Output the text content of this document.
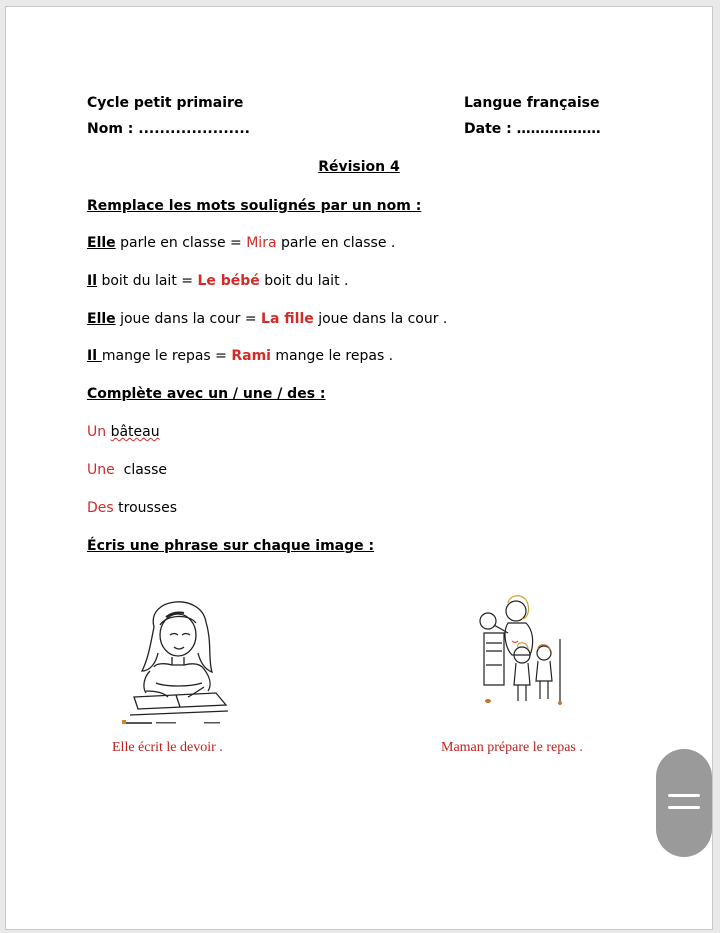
Cycle petit primaire	Langue française
Nom : .....................	Date : ………………
Révision 4
Remplace les mots soulignés par un nom :
Elle parle en classe = Mira parle en classe .
Il boit du lait = Le bébé boit du lait .
Elle joue dans la cour = La fille joue dans la cour .
Il mange le repas = Rami mange le repas .
Complète avec un / une / des :
Un bâteau
Une classe
Des trousses
Écris une phrase sur chaque image :
Elle écrit le devoir .	Maman prépare le repas .
